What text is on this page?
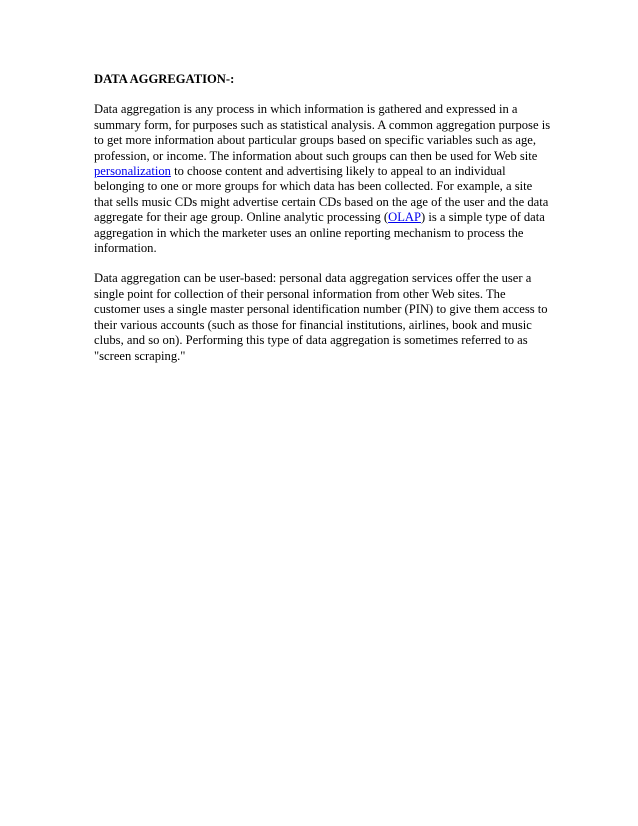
DATA AGGREGATION-:

Data aggregation is any process in which information is gathered and expressed in a summary form, for purposes such as statistical analysis. A common aggregation purpose is to get more information about particular groups based on specific variables such as age, profession, or income. The information about such groups can then be used for Web site personalization to choose content and advertising likely to appeal to an individual belonging to one or more groups for which data has been collected. For example, a site that sells music CDs might advertise certain CDs based on the age of the user and the data aggregate for their age group. Online analytic processing (OLAP) is a simple type of data aggregation in which the marketer uses an online reporting mechanism to process the information.

Data aggregation can be user-based: personal data aggregation services offer the user a single point for collection of their personal information from other Web sites. The customer uses a single master personal identification number (PIN) to give them access to their various accounts (such as those for financial institutions, airlines, book and music clubs, and so on). Performing this type of data aggregation is sometimes referred to as "screen scraping."
